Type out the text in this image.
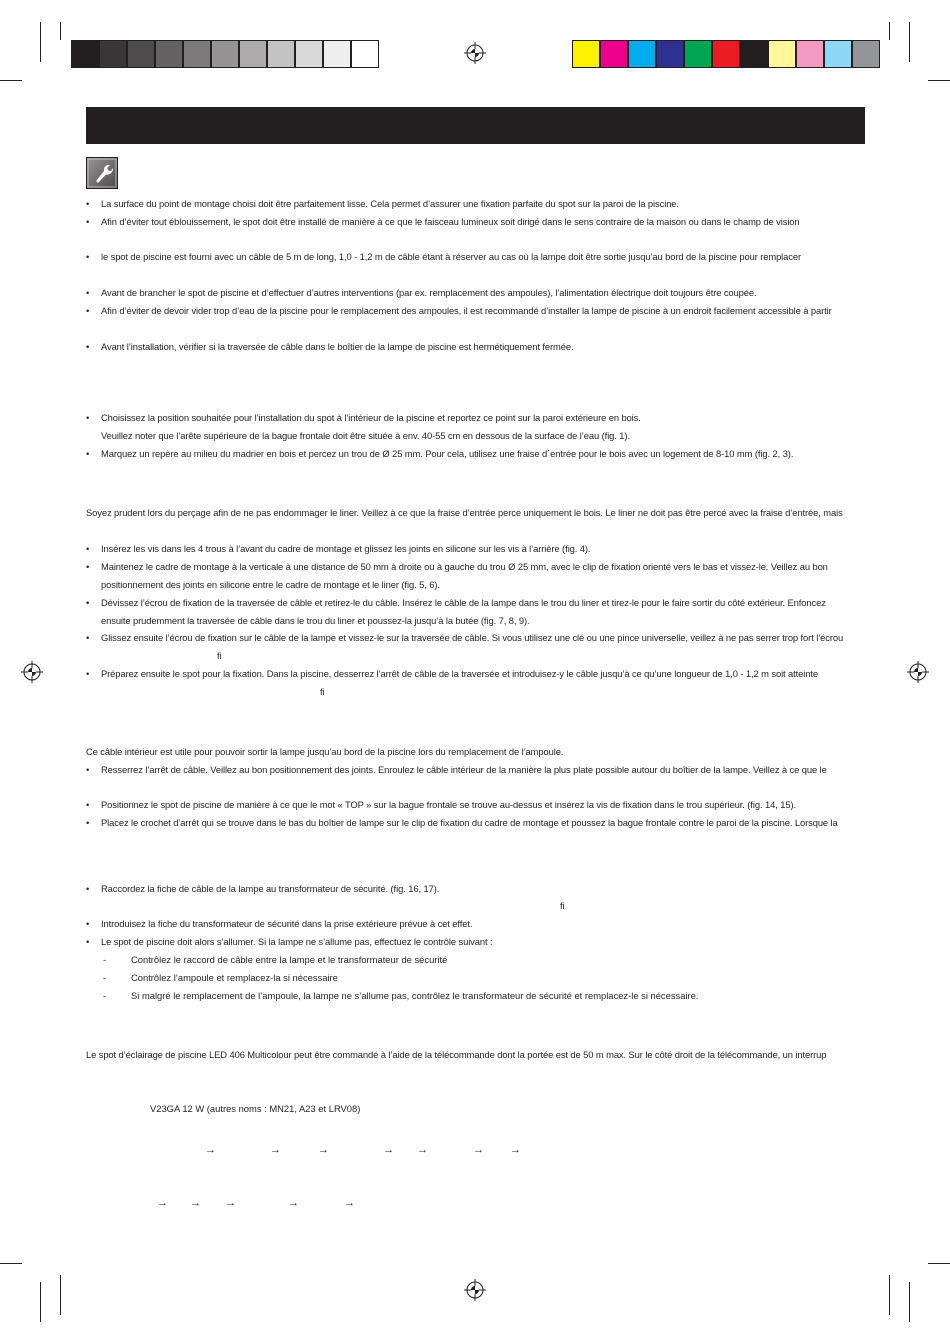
• La surface du point de montage choisi doit être parfaitement lisse. Cela permet d’assurer une ﬁxation parfaite du spot sur la paroi de la piscine.
• Aﬁn d’éviter tout éblouissement, le spot doit être installé de manière à ce que le faisceau lumineux soit dirigé dans le sens contraire de la maison ou dans le champ de vision
• le spot de piscine est fourni avec un câble de 5 m de long, 1,0 - 1,2 m de câble étant à réserver au cas où la lampe doit être sortie jusqu’au bord de la piscine pour remplacer
• Avant de brancher le spot de piscine et d’effectuer d’autres interventions (par ex. remplacement des ampoules), l’alimentation électrique doit toujours être coupée.
• Aﬁn d’éviter de devoir vider trop d’eau de la piscine pour le remplacement des ampoules, il est recommandé d’installer la lampe de piscine à un endroit facilement accessible à partir
• Avant l’installation, vériﬁer si la traversée de câble dans le boîtier de la lampe de piscine est hermétiquement fermée.
• Choisissez la position souhaitée pour l’installation du spot à l’intérieur de la piscine et reportez ce point sur la paroi extérieure en bois.
Veuillez noter que l’arête supérieure de la bague frontale doit être située à env. 40-55 cm en dessous de la surface de l’eau (ﬁg. 1).
• Marquez un repère au milieu du madrier en bois et percez un trou de Ø 25 mm. Pour cela, utilisez une fraise d´entrée pour le bois avec un logement de 8-10 mm (ﬁg. 2, 3).
Soyez prudent lors du perçage aﬁn de ne pas endommager le liner. Veillez à ce que la fraise d’entrée perce uniquement le bois. Le liner ne doit pas être percé avec la fraise d’entrée, mais
• Insérez les vis dans les 4 trous à l’avant du cadre de montage et glissez les joints en silicone sur les vis à l’arrière (ﬁg. 4).
• Maintenez le cadre de montage à la verticale à une distance de 50 mm à droite ou à gauche du trou Ø 25 mm, avec le clip de ﬁxation orienté vers le bas et vissez-le. Veillez au bon
positionnement des joints en silicone entre le cadre de montage et le liner (ﬁg. 5, 6).
• Dévissez l’écrou de ﬁxation de la traversée de câble et retirez-le du câble. Insérez le câble de la lampe dans le trou du liner et tirez-le pour le faire sortir du côté extérieur. Enfoncez
ensuite prudemment la traversée de câble dans le trou du liner et poussez-la jusqu’à la butée (ﬁg. 7, 8, 9).
• Glissez ensuite l’écrou de ﬁxation sur le câble de la lampe et vissez-le sur la traversée de câble. Si vous utilisez une clé ou une pince universelle, veillez à ne pas serrer trop fort l’écrou
ﬁ
• Préparez ensuite le spot pour la ﬁxation. Dans la piscine, desserrez l’arrêt de câble de la traversée et introduisez-y le câble jusqu’à ce qu’une longueur de 1,0 - 1,2 m soit atteinte
ﬁ
Ce câble intérieur est utile pour pouvoir sortir la lampe jusqu’au bord de la piscine lors du remplacement de l’ampoule.
• Resserrez l’arrêt de câble. Veillez au bon positionnement des joints. Enroulez le câble intérieur de la manière la plus plate possible autour du boîtier de la lampe. Veillez à ce que le
• Positionnez le spot de piscine de manière à ce que le mot « TOP » sur la bague frontale se trouve au-dessus et insérez la vis de ﬁxation dans le trou supérieur. (ﬁg. 14, 15).
• Placez le crochet d’arrêt qui se trouve dans le bas du boîtier de lampe sur le clip de ﬁxation du cadre de montage et poussez la bague frontale contre le paroi de la piscine. Lorsque la
• Raccordez la ﬁche de câble de la lampe au transformateur de sécurité. (ﬁg. 16, 17).
ﬁ
• Introduisez la ﬁche du transformateur de sécurité dans la prise extérieure prévue à cet effet.
• Le spot de piscine doit alors s’allumer. Si la lampe ne s’allume pas, effectuez le contrôle suivant :
-	Contrôlez le raccord de câble entre la lampe et le transformateur de sécurité
-	Contrôlez l’ampoule et remplacez-la si nécessaire
-	Si malgré le remplacement de l’ampoule, la lampe ne s’allume pas, contrôlez le transformateur de sécurité et remplacez-le si nécessaire.
Le spot d’éclairage de piscine LED 406 Multicolour peut être commandé à l’aide de la télécommande dont la portée est de 50 m max. Sur le côté droit de la télécommande, un interrup
V23GA 12 W (autres noms : MN21, A23 et LRV08)
→	→	→	→ →	→ →
→ → →	→	→
